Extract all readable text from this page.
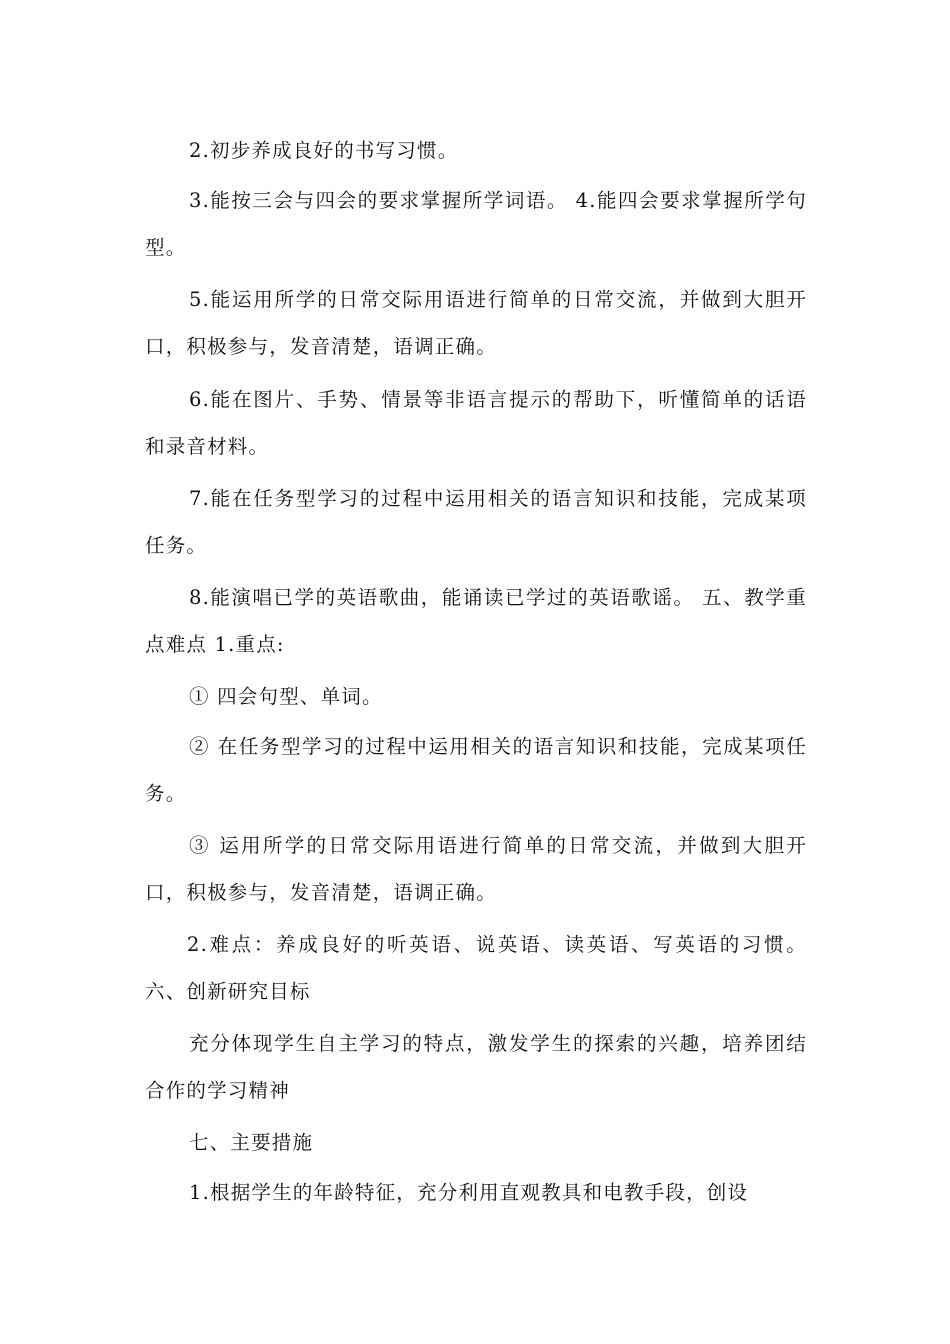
2.初步养成良好的书写习惯。

3.能按三会与四会的要求掌握所学词语。 4.能四会要求掌握所学句型。

5.能运用所学的日常交际用语进行简单的日常交流，并做到大胆开口，积极参与，发音清楚，语调正确。

6.能在图片、手势、情景等非语言提示的帮助下，听懂简单的话语和录音材料。

7.能在任务型学习的过程中运用相关的语言知识和技能，完成某项任务。

8.能演唱已学的英语歌曲，能诵读已学过的英语歌谣。 五、教学重点难点 1.重点:

① 四会句型、单词。

② 在任务型学习的过程中运用相关的语言知识和技能，完成某项任务。

③ 运用所学的日常交际用语进行简单的日常交流，并做到大胆开口，积极参与，发音清楚，语调正确。

2.难点：养成良好的听英语、说英语、读英语、写英语的习惯。 六、创新研究目标

充分体现学生自主学习的特点，激发学生的探索的兴趣，培养团结合作的学习精神

七、主要措施

1.根据学生的年龄特征，充分利用直观教具和电教手段，创设
